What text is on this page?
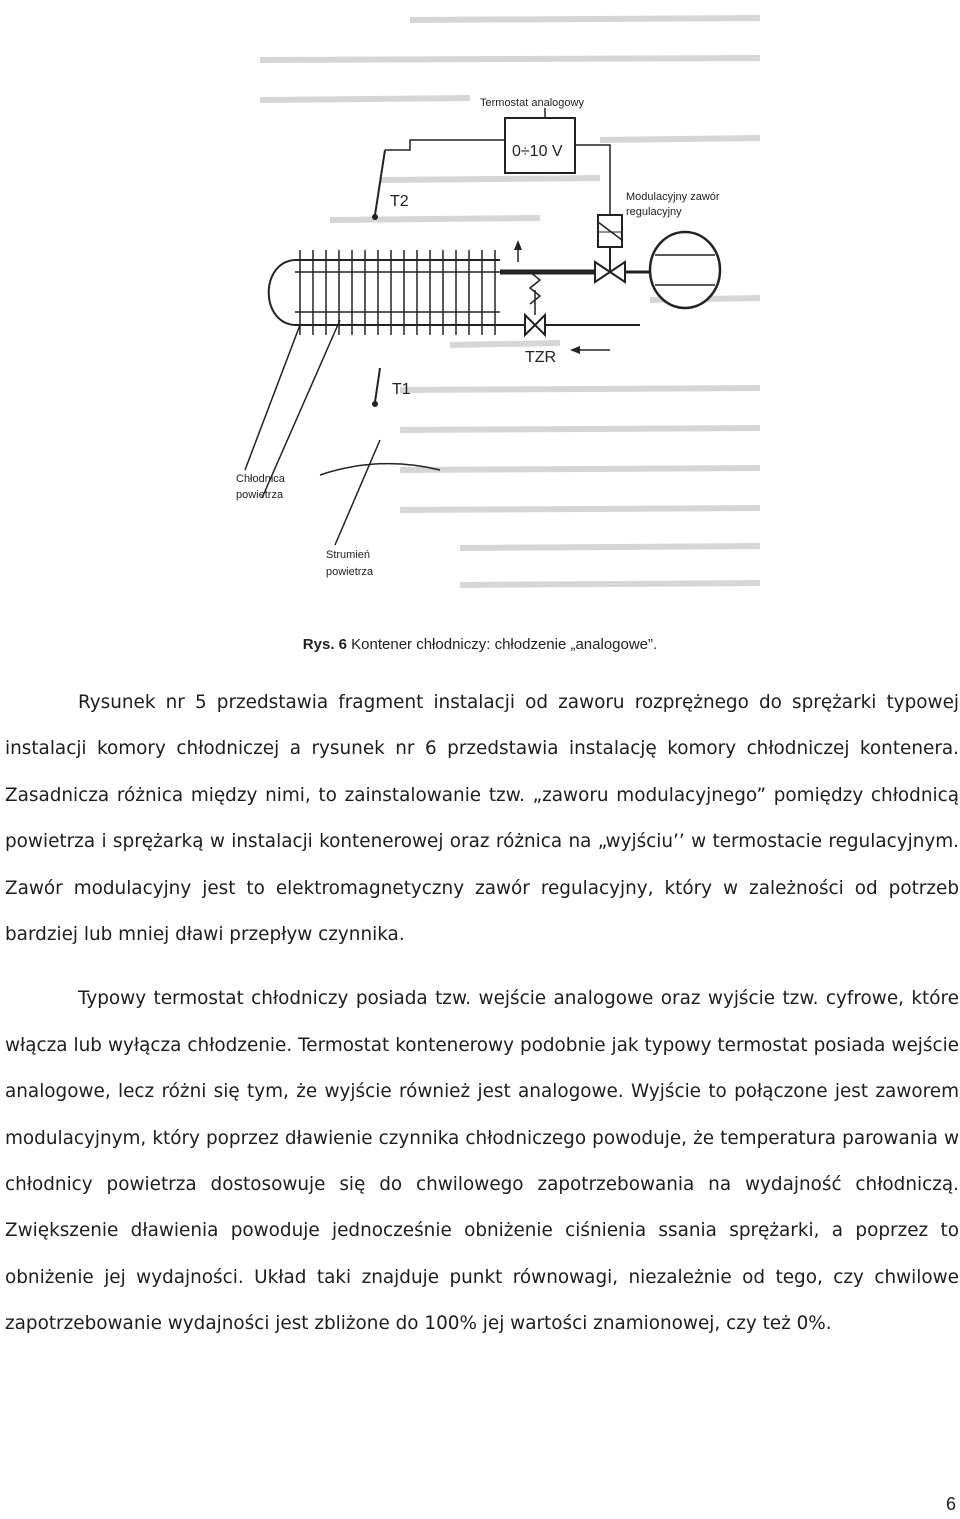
Termostat analogowy
0÷10 V
T2	Modulacyjny zawór
regulacyjny
TZR
T1
Chłodnica
powietrza
Strumień
powietrza
Rys. 6 Kontener chłodniczy: chłodzenie „analogowe”.

Rysunek nr 5 przedstawia fragment instalacji od zaworu rozprężnego do sprężarki typowej instalacji komory chłodniczej a rysunek nr 6 przedstawia instalację komory chłodniczej kontenera. Zasadnicza różnica między nimi, to zainstalowanie tzw. „zaworu modulacyjnego” pomiędzy chłodnicą powietrza i sprężarką w instalacji kontenerowej oraz różnica na „wyjściu’’ w termostacie regulacyjnym. Zawór modulacyjny jest to elektromagnetyczny zawór regulacyjny, który w zależności od potrzeb bardziej lub mniej dławi przepływ czynnika.

Typowy termostat chłodniczy posiada tzw. wejście analogowe oraz wyjście tzw. cyfrowe, które włącza lub wyłącza chłodzenie. Termostat kontenerowy podobnie jak typowy termostat posiada wejście analogowe, lecz różni się tym, że wyjście również jest analogowe. Wyjście to połączone jest zaworem modulacyjnym, który poprzez dławienie czynnika chłodniczego powoduje, że temperatura parowania w chłodnicy powietrza dostosowuje się do chwilowego zapotrzebowania na wydajność chłodniczą. Zwiększenie dławienia powoduje jednocześnie obniżenie ciśnienia ssania sprężarki, a poprzez to obniżenie jej wydajności. Układ taki znajduje punkt równowagi, niezależnie od tego, czy chwilowe zapotrzebowanie wydajności jest zbliżone do 100% jej wartości znamionowej, czy też 0%.

6
